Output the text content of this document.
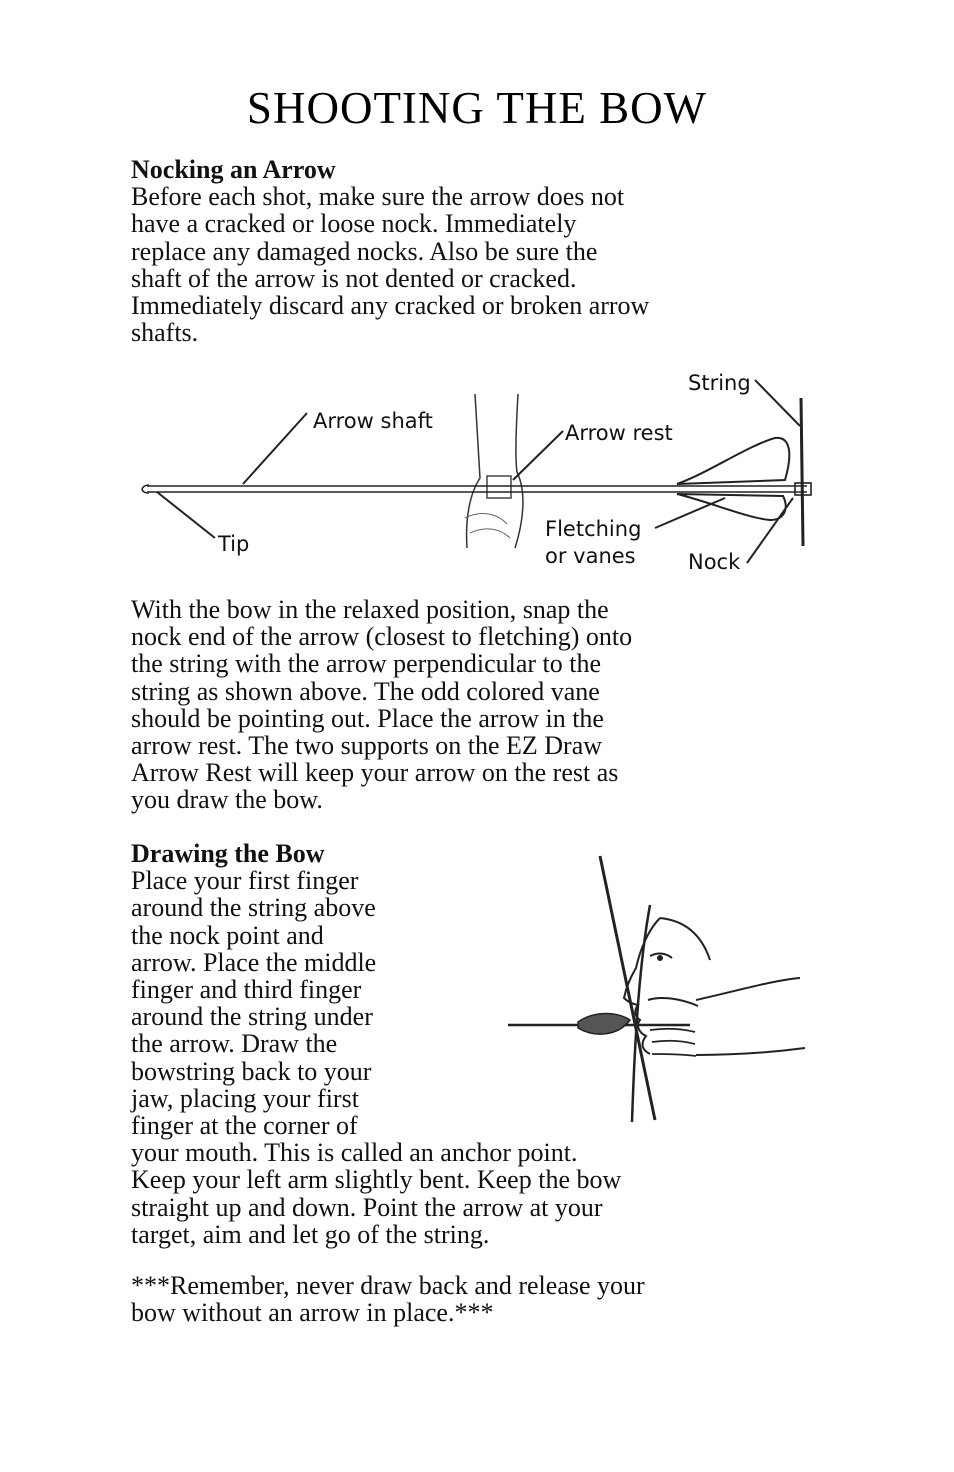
SHOOTING THE BOW
Nocking an Arrow
Before each shot, make sure the arrow does not
have a cracked or loose nock. Immediately
replace any damaged nocks. Also be sure the
shaft of the arrow is not dented or cracked.
Immediately discard any cracked or broken arrow
shafts.
String
Arrow shaft	Arrow rest
Tip
Fletching
or vanes Nock
With the bow in the relaxed position, snap the
nock end of the arrow (closest to fletching) onto
the string with the arrow perpendicular to the
string as shown above. The odd colored vane
should be pointing out. Place the arrow in the
arrow rest. The two supports on the EZ Draw
Arrow Rest will keep your arrow on the rest as
you draw the bow.
Drawing the Bow
Place your first finger
around the string above
the nock point and
arrow. Place the middle
finger and third finger
around the string under
the arrow. Draw the
bowstring back to your
jaw, placing your first
finger at the corner of
your mouth. This is called an anchor point.
Keep your left arm slightly bent. Keep the bow
straight up and down. Point the arrow at your
target, aim and let go of the string.
***Remember, never draw back and release your
bow without an arrow in place.***
